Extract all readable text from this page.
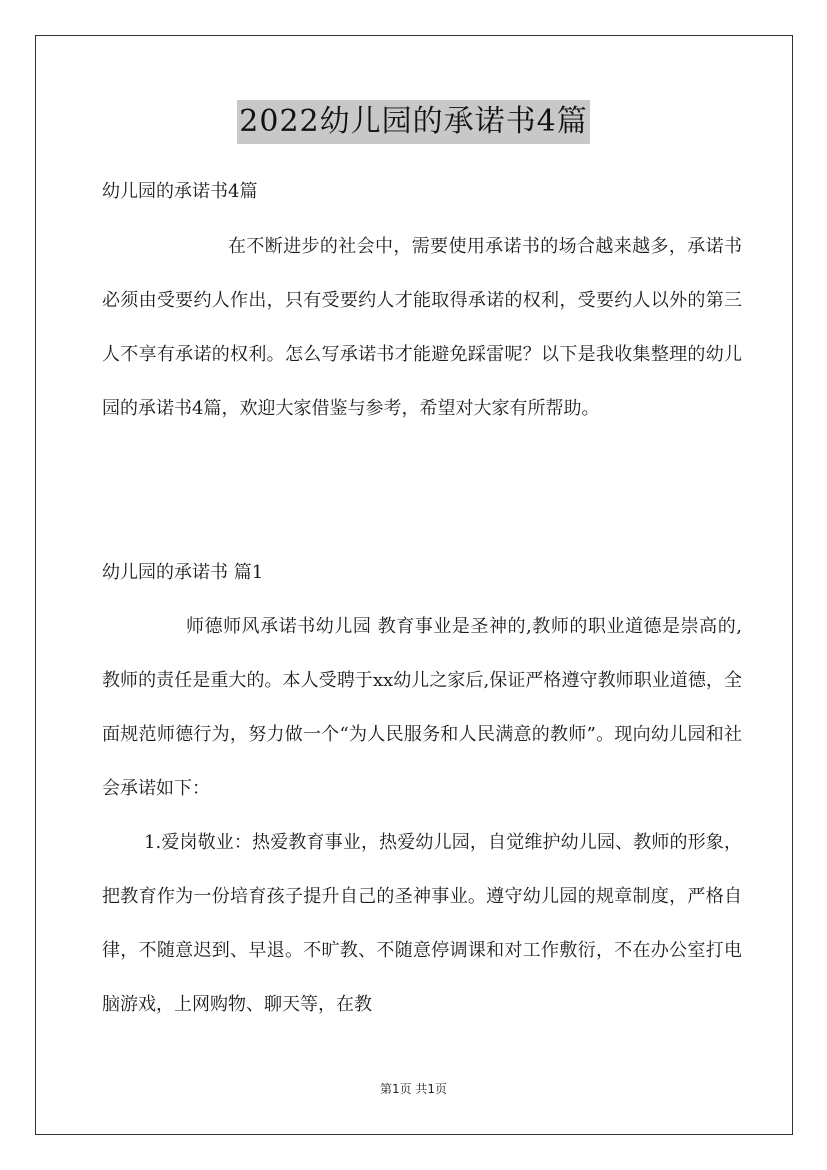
2022幼儿园的承诺书4篇
幼儿园的承诺书4篇

在不断进步的社会中，需要使用承诺书的场合越来越多，承诺书必须由受要约人作出，只有受要约人才能取得承诺的权利，受要约人以外的第三人不享有承诺的权利。怎么写承诺书才能避免踩雷呢？以下是我收集整理的幼儿园的承诺书4篇，欢迎大家借鉴与参考，希望对大家有所帮助。

幼儿园的承诺书 篇1

师德师风承诺书幼儿园 教育事业是圣神的,教师的职业道德是崇高的,教师的责任是重大的。本人受聘于xx幼儿之家后,保证严格遵守教师职业道德，全面规范师德行为，努力做一个“为人民服务和人民满意的教师”。现向幼儿园和社会承诺如下：

1.爱岗敬业：热爱教育事业，热爱幼儿园，自觉维护幼儿园、教师的形象，把教育作为一份培育孩子提升自己的圣神事业。遵守幼儿园的规章制度，严格自律，不随意迟到、早退。不旷教、不随意停调课和对工作敷衍，不在办公室打电脑游戏，上网购物、聊天等，在教

第1页 共1页
